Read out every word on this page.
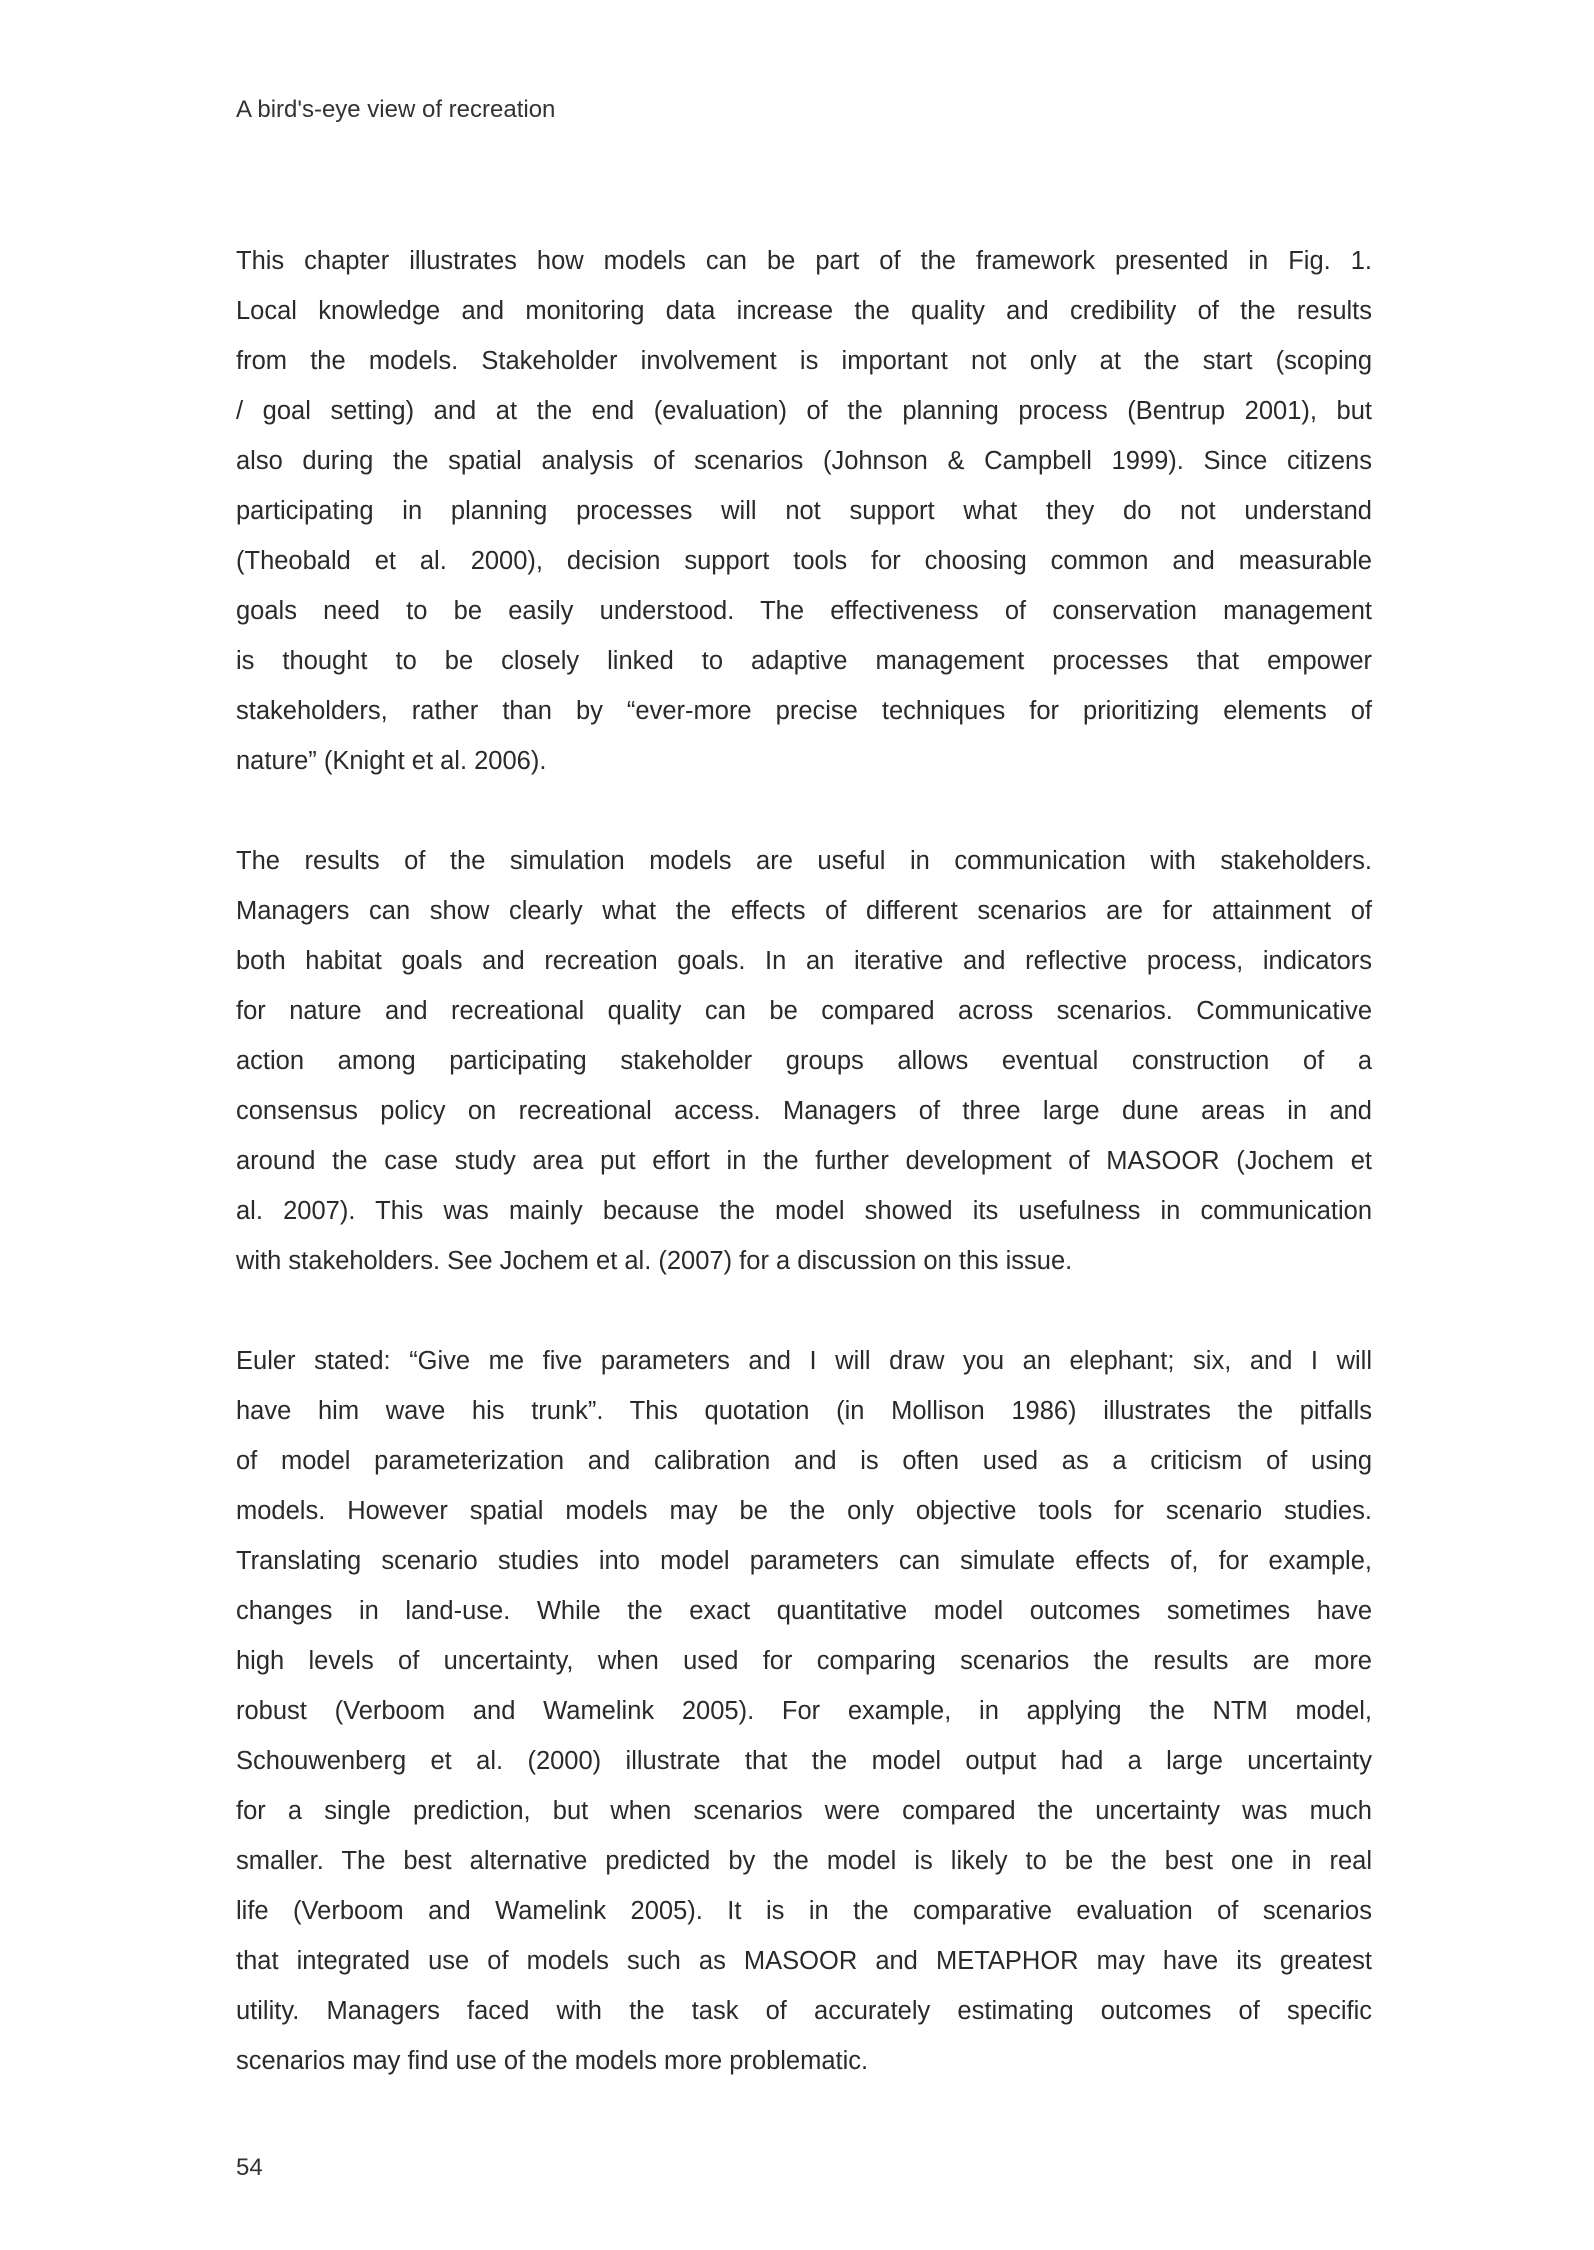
A bird's-eye view of recreation
This chapter illustrates how models can be part of the framework presented in Fig. 1.
Local knowledge and monitoring data increase the quality and credibility of the results
from the models. Stakeholder involvement is important not only at the start (scoping
/ goal setting) and at the end (evaluation) of the planning process (Bentrup 2001), but
also during the spatial analysis of scenarios (Johnson & Campbell 1999). Since citizens
participating in planning processes will not support what they do not understand
(Theobald et al. 2000), decision support tools for choosing common and measurable
goals need to be easily understood. The effectiveness of conservation management
is thought to be closely linked to adaptive management processes that empower
stakeholders, rather than by “ever-more precise techniques for prioritizing elements of
nature” (Knight et al. 2006).
The results of the simulation models are useful in communication with stakeholders.
Managers can show clearly what the effects of different scenarios are for attainment of
both habitat goals and recreation goals. In an iterative and reflective process, indicators
for nature and recreational quality can be compared across scenarios. Communicative
action among participating stakeholder groups allows eventual construction of a
consensus policy on recreational access. Managers of three large dune areas in and
around the case study area put effort in the further development of MASOOR (Jochem et
al. 2007). This was mainly because the model showed its usefulness in communication
with stakeholders. See Jochem et al. (2007) for a discussion on this issue.
Euler stated: “Give me five parameters and I will draw you an elephant; six, and I will
have him wave his trunk”. This quotation (in Mollison 1986) illustrates the pitfalls
of model parameterization and calibration and is often used as a criticism of using
models. However spatial models may be the only objective tools for scenario studies.
Translating scenario studies into model parameters can simulate effects of, for example,
changes in land-use. While the exact quantitative model outcomes sometimes have
high levels of uncertainty, when used for comparing scenarios the results are more
robust (Verboom and Wamelink 2005). For example, in applying the NTM model,
Schouwenberg et al. (2000) illustrate that the model output had a large uncertainty
for a single prediction, but when scenarios were compared the uncertainty was much
smaller. The best alternative predicted by the model is likely to be the best one in real
life (Verboom and Wamelink 2005). It is in the comparative evaluation of scenarios
that integrated use of models such as MASOOR and METAPHOR may have its greatest
utility. Managers faced with the task of accurately estimating outcomes of specific
scenarios may find use of the models more problematic.
54
